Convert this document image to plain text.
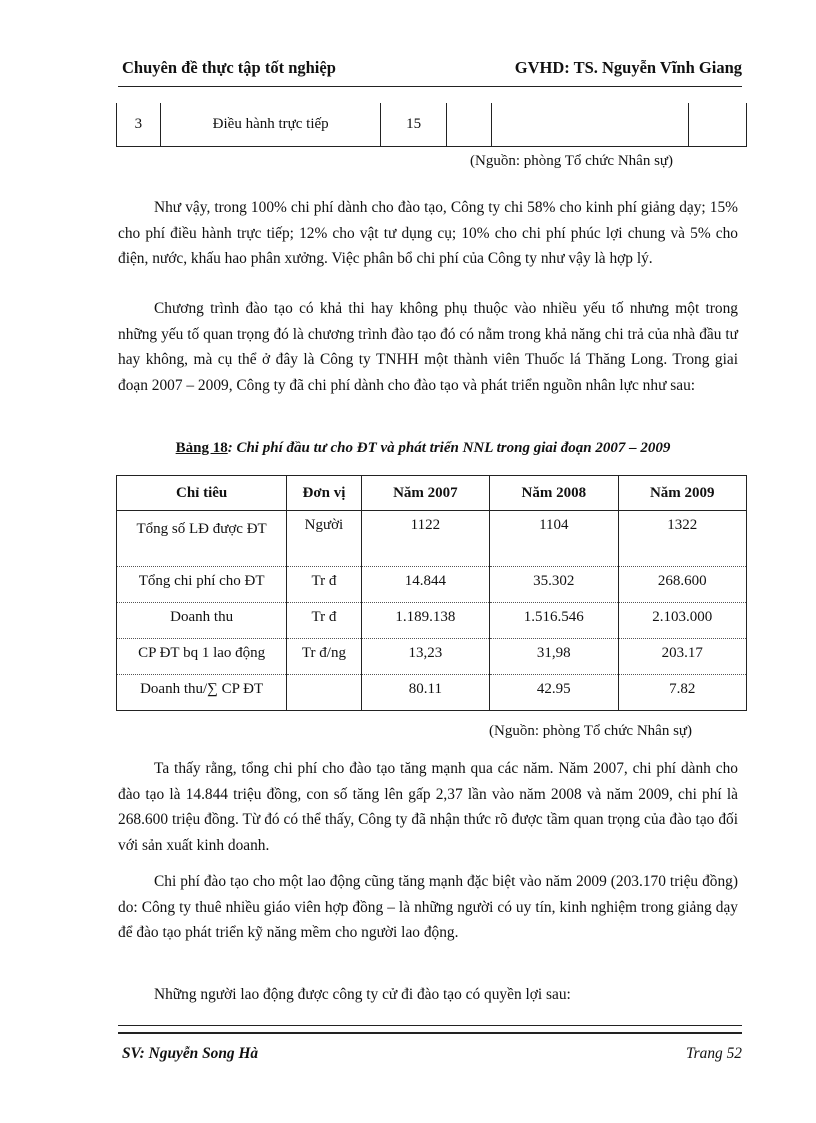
Chuyên đề thực tập tốt nghiệp	GVHD: TS. Nguyễn Vĩnh Giang
3	Điều hành trực tiếp	15			
(Nguồn: phòng Tổ chức Nhân sự)

Như vậy, trong 100% chi phí dành cho đào tạo, Công ty chi 58% cho kinh phí giảng dạy; 15% cho phí điều hành trực tiếp; 12% cho vật tư dụng cụ; 10% cho chi phí phúc lợi chung và 5% cho điện, nước, khấu hao phân xưởng. Việc phân bổ chi phí của Công ty như vậy là hợp lý.

Chương trình đào tạo có khả thi hay không phụ thuộc vào nhiều yếu tố nhưng một trong những yếu tố quan trọng đó là chương trình đào tạo đó có nằm trong khả năng chi trả của nhà đầu tư hay không, mà cụ thể ở đây là Công ty TNHH một thành viên Thuốc lá Thăng Long. Trong giai đoạn 2007 – 2009, Công ty đã chi phí dành cho đào tạo và phát triển nguồn nhân lực như sau:

Bảng 18: Chi phí đầu tư cho ĐT và phát triển NNL trong giai đoạn 2007 – 2009
Chỉ tiêu	Đơn vị	Năm 2007	Năm 2008	Năm 2009
Tổng số LĐ được ĐT	Người	1122	1104	1322
Tổng chi phí cho ĐT	Tr đ	14.844	35.302	268.600
Doanh thu	Tr đ	1.189.138	1.516.546	2.103.000
CP ĐT bq 1 lao động	Tr đ/ng	13,23	31,98	203.17
Doanh thu/∑ CP ĐT		80.11	42.95	7.82
(Nguồn: phòng Tổ chức Nhân sự)

Ta thấy rằng, tổng chi phí cho đào tạo tăng mạnh qua các năm. Năm 2007, chi phí dành cho đào tạo là 14.844 triệu đồng, con số tăng lên gấp 2,37 lần vào năm 2008 và năm 2009, chi phí là 268.600 triệu đồng. Từ đó có thể thấy, Công ty đã nhận thức rõ được tầm quan trọng của đào tạo đối với sản xuất kinh doanh.

Chi phí đào tạo cho một lao động cũng tăng mạnh đặc biệt vào năm 2009 (203.170 triệu đồng) do: Công ty thuê nhiều giáo viên hợp đồng – là những người có uy tín, kinh nghiệm trong giảng dạy để đào tạo phát triển kỹ năng mềm cho người lao động.

Những người lao động được công ty cử đi đào tạo có quyền lợi sau:

SV: Nguyễn Song Hà	Trang 52
